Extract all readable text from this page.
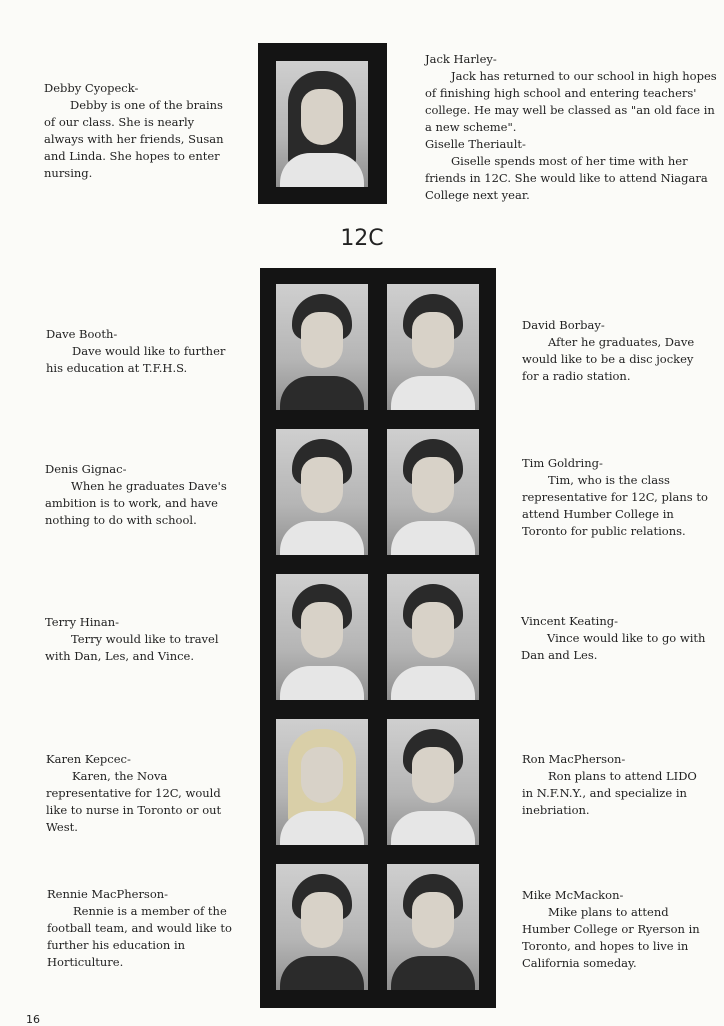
Debby Cyopeck-
Debby is one of the brains of our class. She is nearly always with her friends, Susan and Linda. She hopes to enter nursing.
Jack Harley-
Jack has returned to our school in high hopes of finishing high school and entering teachers' college. He may well be classed as "an old face in a new scheme".
Giselle Theriault-
Giselle spends most of her time with her friends in 12C. She would like to attend Niagara College next year.
12C
Dave Booth-
Dave would like to further his education at T.F.H.S.
Denis Gignac-
When he graduates Dave's ambition is to work, and have nothing to do with school.
Terry Hinan-
Terry would like to travel with Dan, Les, and Vince.
Karen Kepcec-
Karen, the Nova representative for 12C, would like to nurse in Toronto or out West.
Rennie MacPherson-
Rennie is a member of the football team, and would like to further his education in Horticulture.
David Borbay-
After he graduates, Dave would like to be a disc jockey for a radio station.
Tim Goldring-
Tim, who is the class representative for 12C, plans to attend Humber College in Toronto for public relations.
Vincent Keating-
Vince would like to go with Dan and Les.
Ron MacPherson-
Ron plans to attend LIDO in N.F.N.Y., and specialize in inebriation.
Mike McMackon-
Mike plans to attend Humber College or Ryerson in Toronto, and hopes to live in California someday.
16
